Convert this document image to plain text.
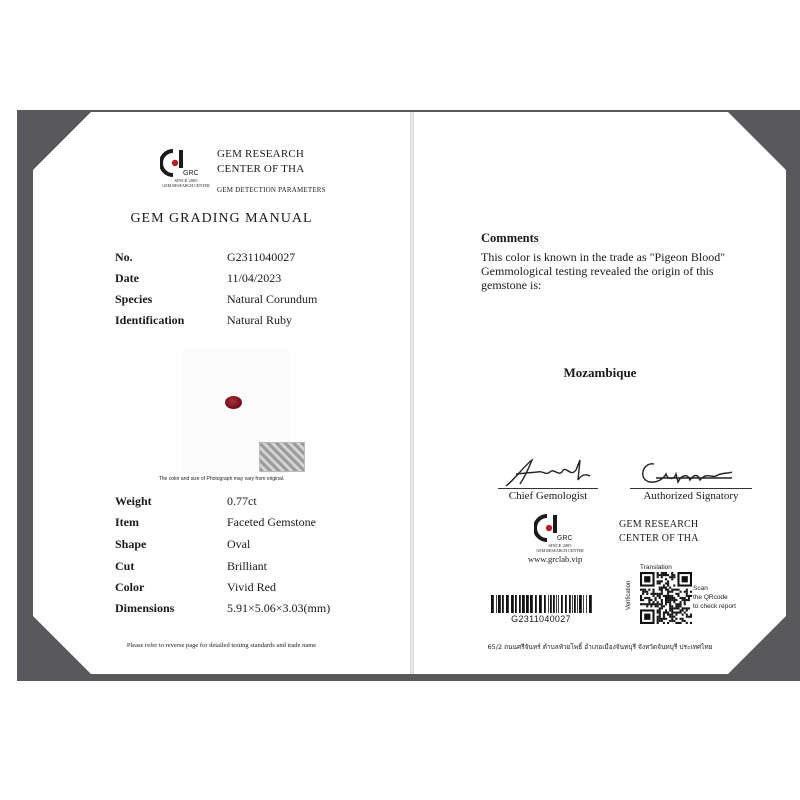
GRC
SINCE 2005
GEM RESEARCH CENTER
GEM RESEARCH
CENTER OF THA
GEM DETECTION PARAMETERS
GEM GRADING MANUAL
No.	G2311040027
Date	11/04/2023
Species	Natural Corundum
Identification	Natural Ruby
The color and size of Photograph may vary from original.
Weight	0.77ct
Item	Faceted Gemstone
Shape	Oval
Cut	Brilliant
Color	Vivid Red
Dimensions	5.91×5.06×3.03(mm)
Please refer to reverse page for detailed testing standards and trade name
Comments
This color is known in the trade as "Pigeon Blood"
Gemmological testing revealed the origin of this
gemstone is:
Mozambique
Chief Gemologist	Authorized Signatory
GRC
SINCE 2005
GEM RESEARCH CENTER
www.grclab.vip
GEM RESEARCH
CENTER OF THA
G2311040027
Translation
Verification	Scan
the QRcode
to check report
65/2 ถนนศรีจันทร์ ตำบลหัวยโพธิ์ อำเภอเมืองจันทบุรี จังหวัดจันทบุรี ประเทศไทย
